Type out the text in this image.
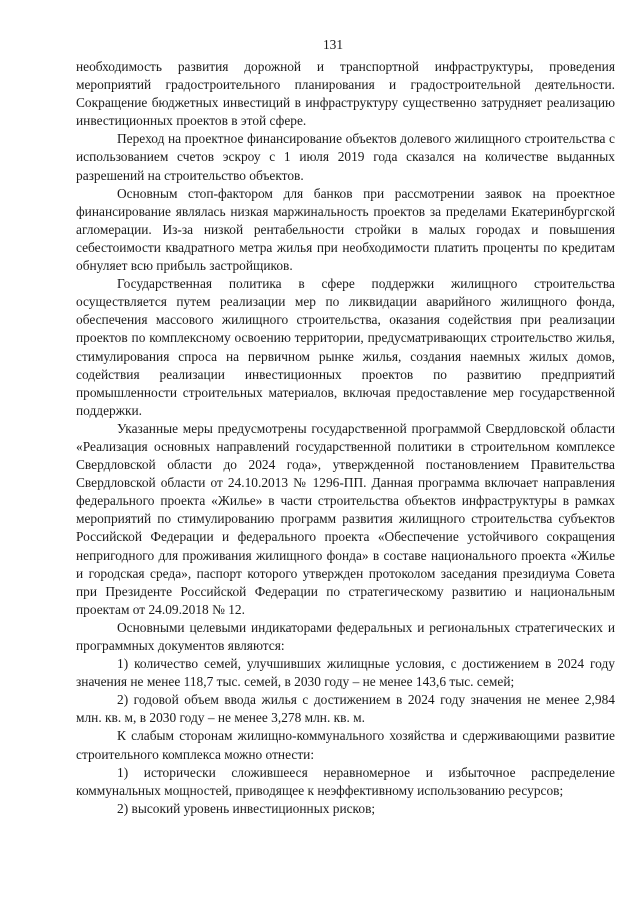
131

необходимость развития дорожной и транспортной инфраструктуры, проведения мероприятий градостроительного планирования и градостроительной деятельности. Сокращение бюджетных инвестиций в инфраструктуру существенно затрудняет реализацию инвестиционных проектов в этой сфере.

Переход на проектное финансирование объектов долевого жилищного строительства с использованием счетов эскроу с 1 июля 2019 года сказался на количестве выданных разрешений на строительство объектов.

Основным стоп-фактором для банков при рассмотрении заявок на проектное финансирование являлась низкая маржинальность проектов за пределами Екатеринбургской агломерации. Из-за низкой рентабельности стройки в малых городах и повышения себестоимости квадратного метра жилья при необходимости платить проценты по кредитам обнуляет всю прибыль застройщиков.

Государственная политика в сфере поддержки жилищного строительства осуществляется путем реализации мер по ликвидации аварийного жилищного фонда, обеспечения массового жилищного строительства, оказания содействия при реализации проектов по комплексному освоению территории, предусматривающих строительство жилья, стимулирования спроса на первичном рынке жилья, создания наемных жилых домов, содействия реализации инвестиционных проектов по развитию предприятий промышленности строительных материалов, включая предоставление мер государственной поддержки.

Указанные меры предусмотрены государственной программой Свердловской области «Реализация основных направлений государственной политики в строительном комплексе Свердловской области до 2024 года», утвержденной постановлением Правительства Свердловской области от 24.10.2013 № 1296-ПП. Данная программа включает направления федерального проекта «Жилье» в части строительства объектов инфраструктуры в рамках мероприятий по стимулированию программ развития жилищного строительства субъектов Российской Федерации и федерального проекта «Обеспечение устойчивого сокращения непригодного для проживания жилищного фонда» в составе национального проекта «Жилье и городская среда», паспорт которого утвержден протоколом заседания президиума Совета при Президенте Российской Федерации по стратегическому развитию и национальным проектам от 24.09.2018 № 12.

Основными целевыми индикаторами федеральных и региональных стратегических и программных документов являются:

1) количество семей, улучшивших жилищные условия, с достижением в 2024 году значения не менее 118,7 тыс. семей, в 2030 году – не менее 143,6 тыс. семей;

2) годовой объем ввода жилья с достижением в 2024 году значения не менее 2,984 млн. кв. м, в 2030 году – не менее 3,278 млн. кв. м.

К слабым сторонам жилищно-коммунального хозяйства и сдерживающими развитие строительного комплекса можно отнести:

1) исторически сложившееся неравномерное и избыточное распределение коммунальных мощностей, приводящее к неэффективному использованию ресурсов;

2) высокий уровень инвестиционных рисков;
